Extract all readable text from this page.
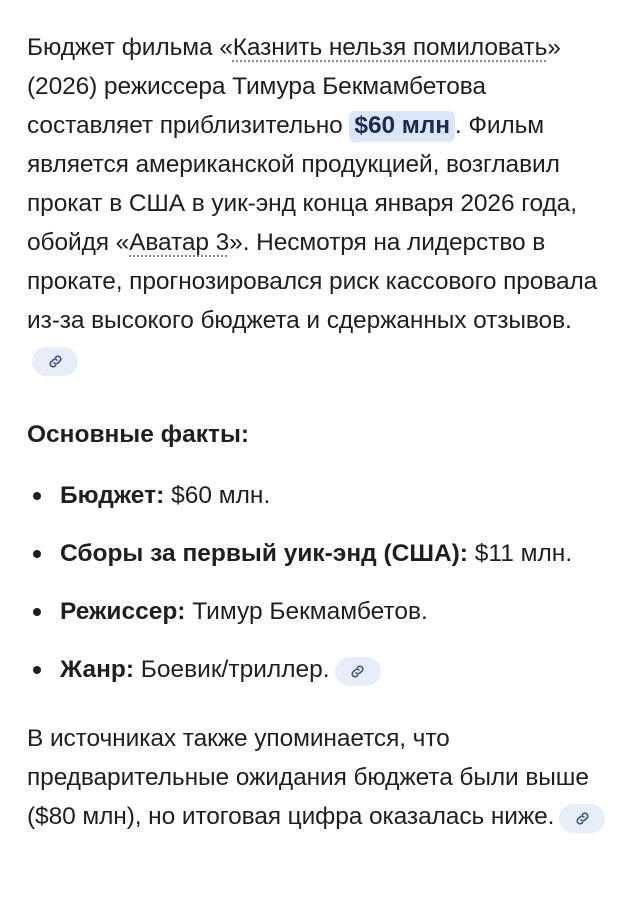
Бюджет фильма «Казнить нельзя помиловать» (2026) режиссера Тимура Бекмамбетова составляет приблизительно $60 млн . Фильм является американской продукцией, возглавил прокат в США в уик-энд конца января 2026 года, обойдя «Аватар 3». Несмотря на лидерство в прокате, прогнозировался риск кассового провала из-за высокого бюджета и сдержанных отзывов.

Основные факты:
Бюджет: $60 млн.
Сборы за первый уик-энд (США): $11 млн.
Режиссер: Тимур Бекмамбетов.
Жанр: Боевик/триллер.

В источниках также упоминается, что предварительные ожидания бюджета были выше ($80 млн), но итоговая цифра оказалась ниже.
